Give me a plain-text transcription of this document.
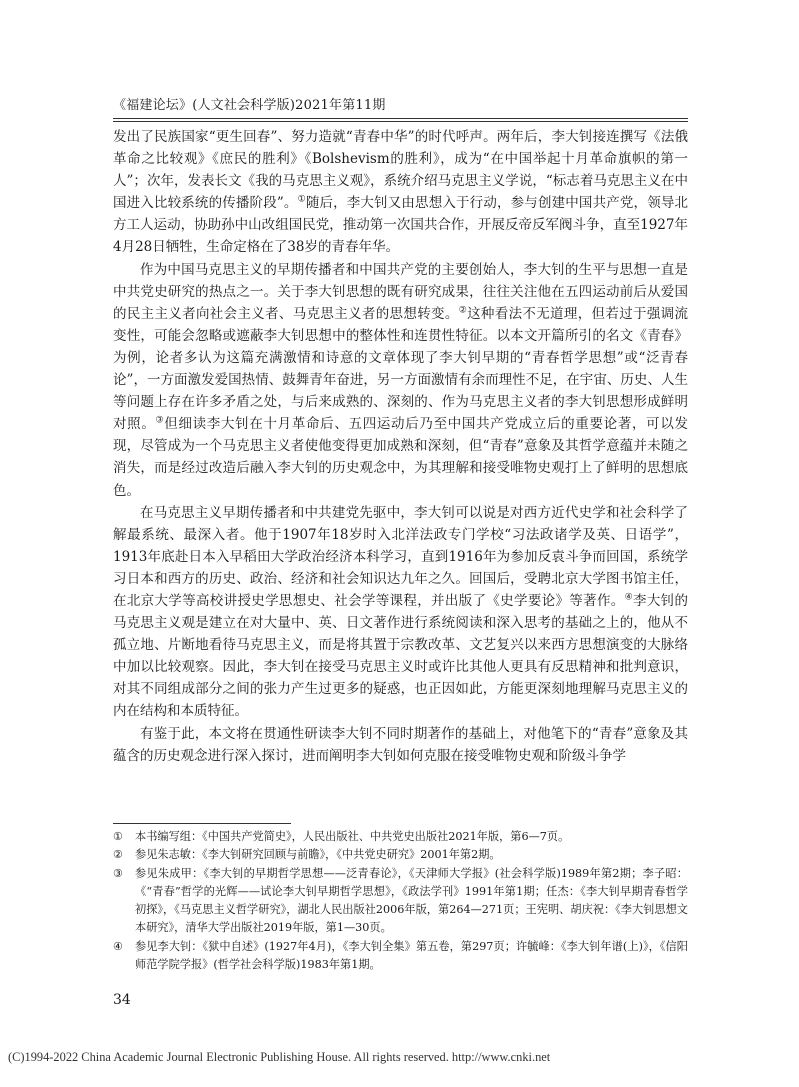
《福建论坛》(人文社会科学版)2021年第11期

发出了民族国家“更生回春”、努力造就“青春中华”的时代呼声。两年后，李大钊接连撰写《法俄革命之比较观》《庶民的胜利》《Bolshevism的胜利》，成为“在中国举起十月革命旗帜的第一人”；次年，发表长文《我的马克思主义观》，系统介绍马克思主义学说，“标志着马克思主义在中国进入比较系统的传播阶段”。①随后，李大钊又由思想入于行动，参与创建中国共产党，领导北方工人运动，协助孙中山改组国民党，推动第一次国共合作，开展反帝反军阀斗争，直至1927年4月28日牺牲，生命定格在了38岁的青春年华。

作为中国马克思主义的早期传播者和中国共产党的主要创始人，李大钊的生平与思想一直是中共党史研究的热点之一。关于李大钊思想的既有研究成果，往往关注他在五四运动前后从爱国的民主主义者向社会主义者、马克思主义者的思想转变。②这种看法不无道理，但若过于强调流变性，可能会忽略或遮蔽李大钊思想中的整体性和连贯性特征。以本文开篇所引的名文《青春》为例，论者多认为这篇充满激情和诗意的文章体现了李大钊早期的“青春哲学思想”或“泛青春论”，一方面激发爱国热情、鼓舞青年奋进，另一方面激情有余而理性不足，在宇宙、历史、人生等问题上存在许多矛盾之处，与后来成熟的、深刻的、作为马克思主义者的李大钊思想形成鲜明对照。③但细读李大钊在十月革命后、五四运动后乃至中国共产党成立后的重要论著，可以发现，尽管成为一个马克思主义者使他变得更加成熟和深刻，但“青春”意象及其哲学意蕴并未随之消失，而是经过改造后融入李大钊的历史观念中，为其理解和接受唯物史观打上了鲜明的思想底色。

在马克思主义早期传播者和中共建党先驱中，李大钊可以说是对西方近代史学和社会科学了解最系统、最深入者。他于1907年18岁时入北洋法政专门学校“习法政诸学及英、日语学”，1913年底赴日本入早稻田大学政治经济本科学习，直到1916年为参加反袁斗争而回国，系统学习日本和西方的历史、政治、经济和社会知识达九年之久。回国后，受聘北京大学图书馆主任，在北京大学等高校讲授史学思想史、社会学等课程，并出版了《史学要论》等著作。④李大钊的马克思主义观是建立在对大量中、英、日文著作进行系统阅读和深入思考的基础之上的，他从不孤立地、片断地看待马克思主义，而是将其置于宗教改革、文艺复兴以来西方思想演变的大脉络中加以比较观察。因此，李大钊在接受马克思主义时或许比其他人更具有反思精神和批判意识，对其不同组成部分之间的张力产生过更多的疑惑，也正因如此，方能更深刻地理解马克思主义的内在结构和本质特征。

有鉴于此，本文将在贯通性研读李大钊不同时期著作的基础上，对他笔下的“青春”意象及其蕴含的历史观念进行深入探讨，进而阐明李大钊如何克服在接受唯物史观和阶级斗争学

①	本书编写组：《中国共产党简史》，人民出版社、中共党史出版社2021年版，第6—7页。
②	参见朱志敏：《李大钊研究回顾与前瞻》，《中共党史研究》2001年第2期。
③	参见朱成甲：《李大钊的早期哲学思想——泛青春论》，《天津师大学报》(社会科学版)1989年第2期；李子昭：《“青春”哲学的光辉——试论李大钊早期哲学思想》，《政法学刊》1991年第1期；任杰：《李大钊早期青春哲学初探》，《马克思主义哲学研究》，湖北人民出版社2006年版，第264—271页；王宪明、胡庆祝：《李大钊思想文本研究》，清华大学出版社2019年版，第1—30页。
④	参见李大钊：《狱中自述》(1927年4月)，《李大钊全集》第五卷，第297页；许毓峰：《李大钊年谱(上)》，《信阳师范学院学报》(哲学社会科学版)1983年第1期。
34
(C)1994-2022 China Academic Journal Electronic Publishing House. All rights reserved. http://www.cnki.net
